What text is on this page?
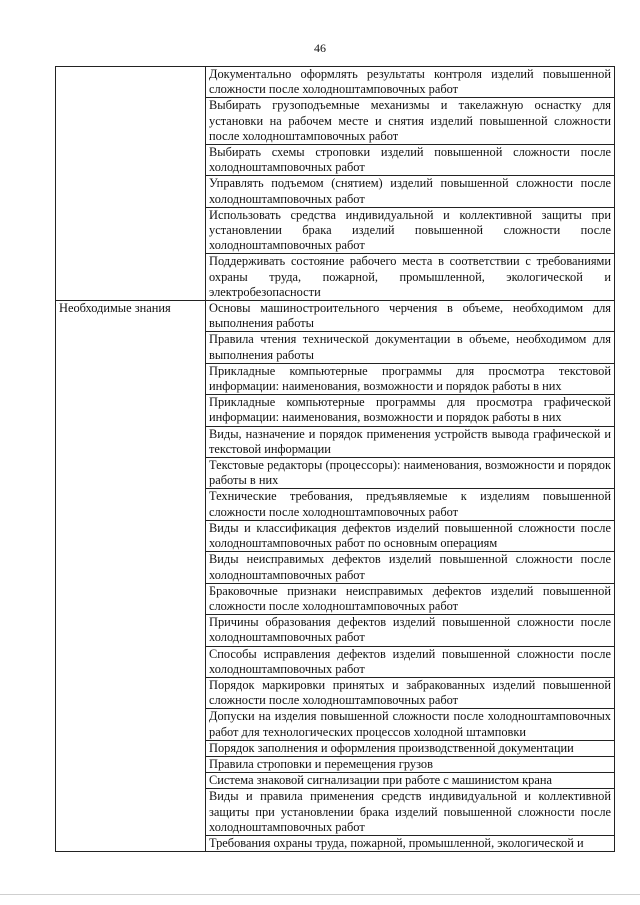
46
	Документально оформлять результаты контроля изделий повышенной сложности после холодноштамповочных работ
	Выбирать грузоподъемные механизмы и такелажную оснастку для установки на рабочем месте и снятия изделий повышенной сложности после холодноштамповочных работ
	Выбирать схемы строповки изделий повышенной сложности после холодноштамповочных работ
	Управлять подъемом (снятием) изделий повышенной сложности после холодноштамповочных работ
	Использовать средства индивидуальной и коллективной защиты при установлении брака изделий повышенной сложности после холодноштамповочных работ
	Поддерживать состояние рабочего места в соответствии с требованиями охраны труда, пожарной, промышленной, экологической и электробезопасности
Необходимые знания	Основы машиностроительного черчения в объеме, необходимом для выполнения работы
	Правила чтения технической документации в объеме, необходимом для выполнения работы
	Прикладные компьютерные программы для просмотра текстовой информации: наименования, возможности и порядок работы в них
	Прикладные компьютерные программы для просмотра графической информации: наименования, возможности и порядок работы в них
	Виды, назначение и порядок применения устройств вывода графической и текстовой информации
	Текстовые редакторы (процессоры): наименования, возможности и порядок работы в них
	Технические требования, предъявляемые к изделиям повышенной сложности после холодноштамповочных работ
	Виды и классификация дефектов изделий повышенной сложности после холодноштамповочных работ по основным операциям
	Виды неисправимых дефектов изделий повышенной сложности после холодноштамповочных работ
	Браковочные признаки неисправимых дефектов изделий повышенной сложности после холодноштамповочных работ
	Причины образования дефектов изделий повышенной сложности после холодноштамповочных работ
	Способы исправления дефектов изделий повышенной сложности после холодноштамповочных работ
	Порядок маркировки принятых и забракованных изделий повышенной сложности после холодноштамповочных работ
	Допуски на изделия повышенной сложности после холодноштамповочных работ для технологических процессов холодной штамповки
	Порядок заполнения и оформления производственной документации
	Правила строповки и перемещения грузов
	Система знаковой сигнализации при работе с машинистом крана
	Виды и правила применения средств индивидуальной и коллективной защиты при установлении брака изделий повышенной сложности после холодноштамповочных работ
	Требования охраны труда, пожарной, промышленной, экологической и
